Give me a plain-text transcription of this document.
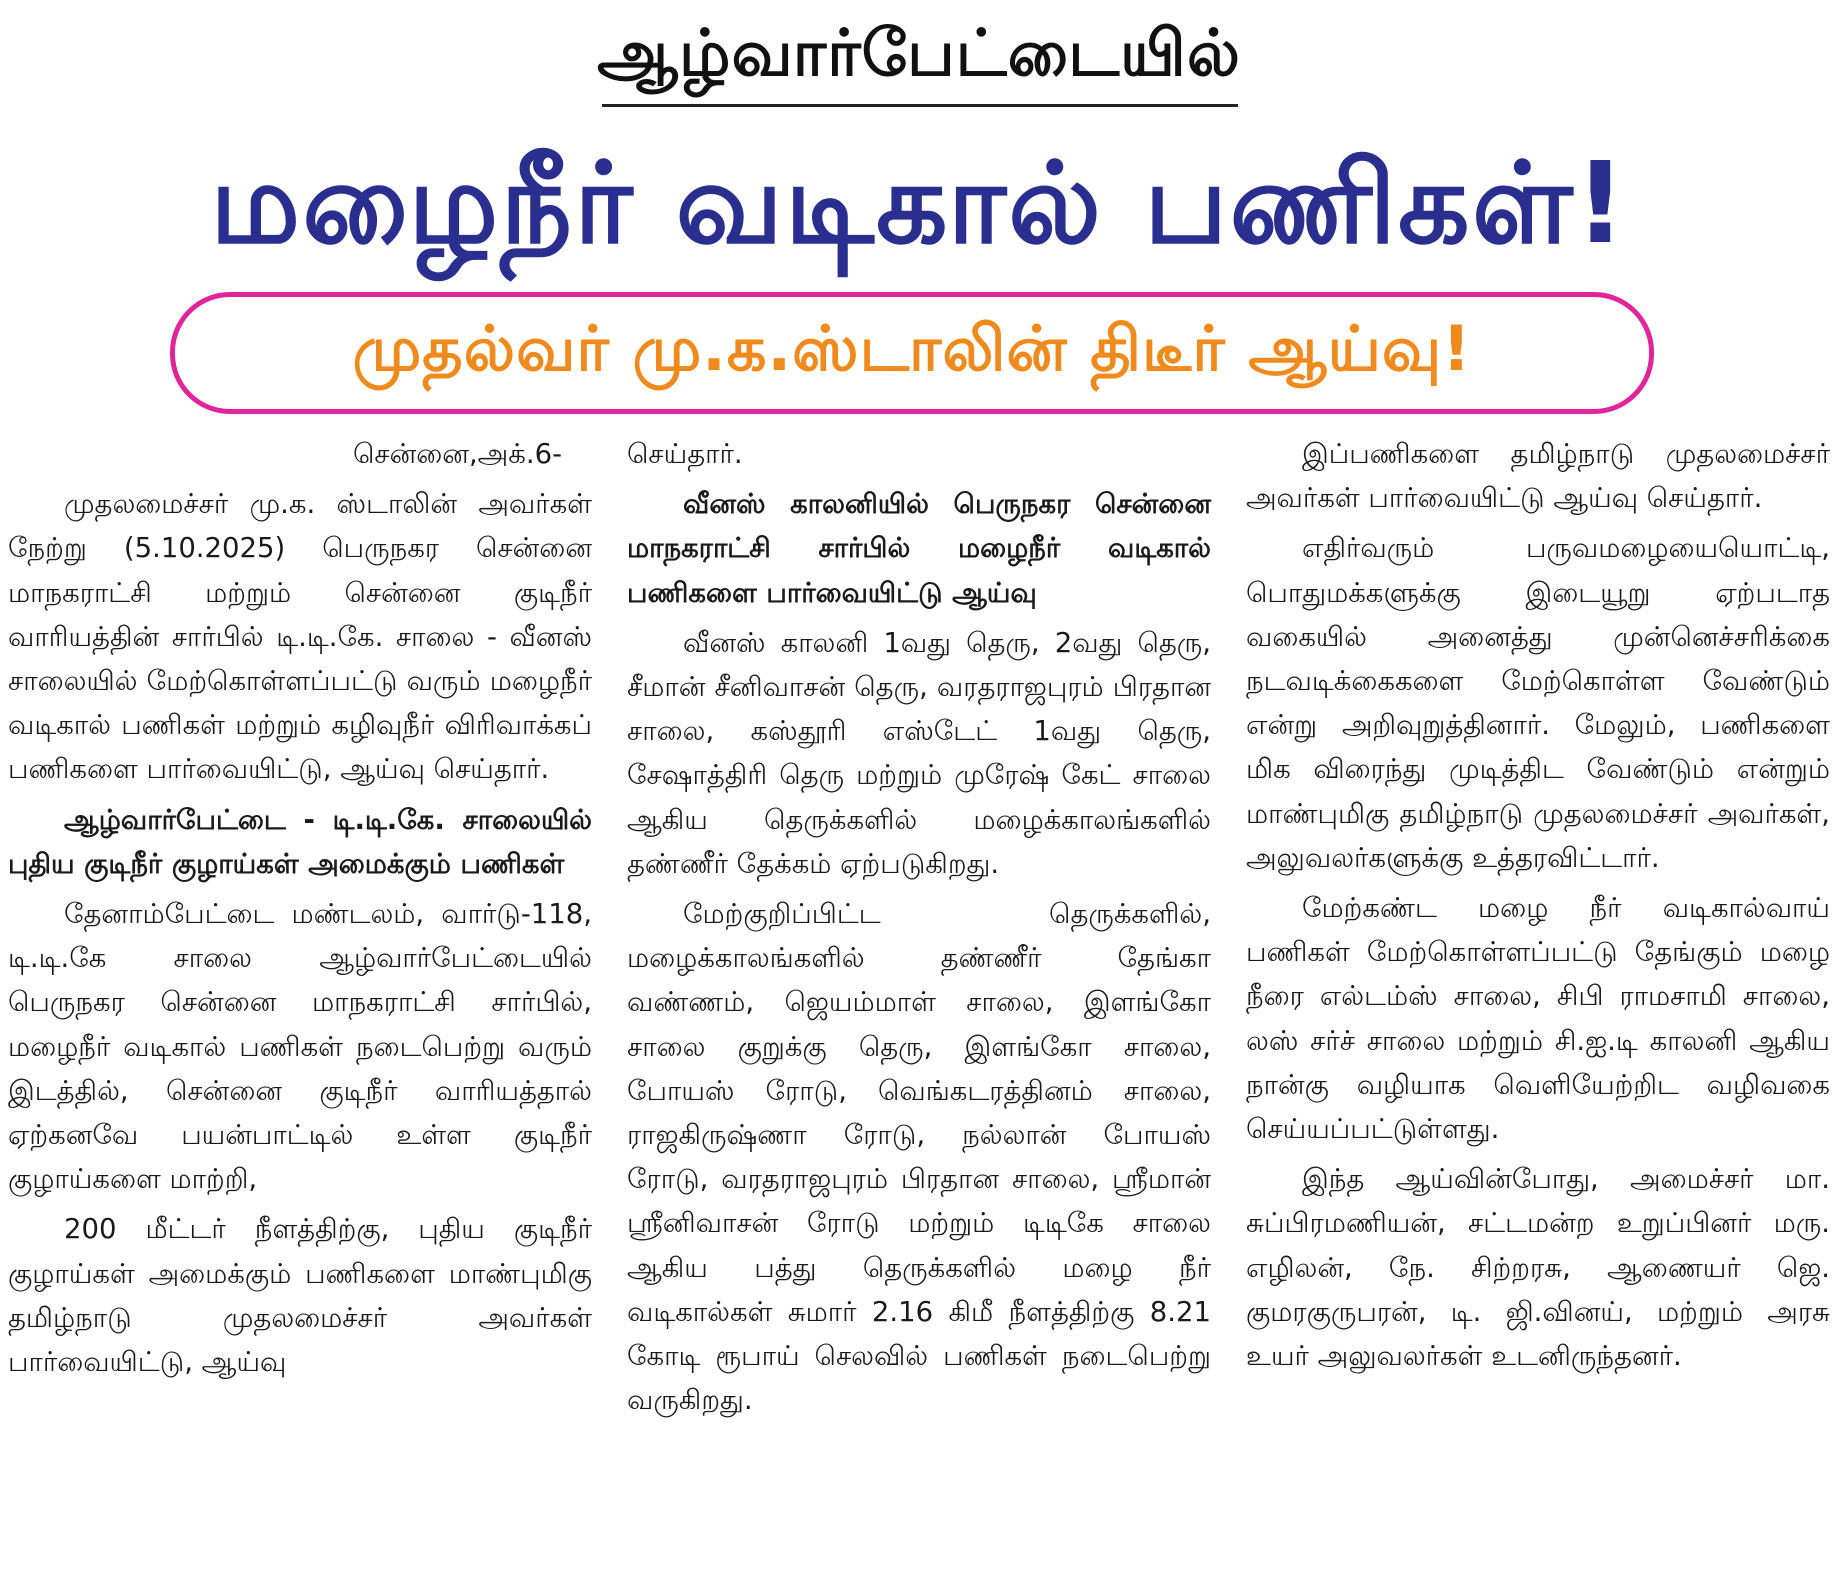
ஆழ்வார்பேட்டையில்
மழைநீர் வடிகால் பணிகள்!
முதல்வர் மு.க.ஸ்டாலின் திடீர் ஆய்வு!

சென்னை,அக்.6-

முதலமைச்சர் மு.க. ஸ்டாலின் அவர்கள் நேற்று (5.10.2025) பெருநகர சென்னை மாநகராட்சி மற்றும் சென்னை குடிநீர் வாரியத்தின் சார்பில் டி.டி.கே. சாலை - வீனஸ் சாலையில் மேற்கொள்ளப்பட்டு வரும் மழைநீர் வடிகால் பணிகள் மற்றும் கழிவுநீர் விரிவாக்கப் பணிகளை பார்வையிட்டு, ஆய்வு செய்தார்.

ஆழ்வார்பேட்டை - டி.டி.கே. சாலையில் புதிய குடிநீர் குழாய்கள் அமைக்கும் பணிகள்

தேனாம்பேட்டை மண்டலம், வார்டு-118, டி.டி.கே சாலை ஆழ்வார்பேட்டையில் பெருநகர சென்னை மாநகராட்சி சார்பில், மழைநீர் வடிகால் பணிகள் நடைபெற்று வரும் இடத்தில், சென்னை குடிநீர் வாரியத்தால் ஏற்கனவே பயன்பாட்டில் உள்ள குடிநீர் குழாய்களை மாற்றி,

200 மீட்டர் நீளத்திற்கு, புதிய குடிநீர் குழாய்கள் அமைக்கும் பணிகளை மாண்புமிகு தமிழ்நாடு முதலமைச்சர் அவர்கள் பார்வையிட்டு, ஆய்வு

செய்தார்.

வீனஸ் காலனியில் பெருநகர சென்னை மாநகராட்சி சார்பில் மழைநீர் வடிகால் பணிகளை பார்வையிட்டு ஆய்வு

வீனஸ் காலனி 1வது தெரு, 2வது தெரு, சீமான் சீனிவாசன் தெரு, வரதராஜபுரம் பிரதான சாலை, கஸ்தூரி எஸ்டேட் 1வது தெரு, சேஷாத்திரி தெரு மற்றும் முரேஷ் கேட் சாலை ஆகிய தெருக்களில் மழைக்காலங்களில் தண்ணீர் தேக்கம் ஏற்படுகிறது.

மேற்குறிப்பிட்ட தெருக்களில், மழைக்காலங்களில் தண்ணீர் தேங்கா வண்ணம், ஜெயம்மாள் சாலை, இளங்கோ சாலை குறுக்கு தெரு, இளங்கோ சாலை, போயஸ் ரோடு, வெங்கடரத்தினம் சாலை, ராஜகிருஷ்ணா ரோடு, நல்லான் போயஸ் ரோடு, வரதராஜபுரம் பிரதான சாலை, ஸ்ரீமான் ஸ்ரீனிவாசன் ரோடு மற்றும் டிடிகே சாலை ஆகிய பத்து தெருக்களில் மழை நீர் வடிகால்கள் சுமார் 2.16 கிமீ நீளத்திற்கு 8.21 கோடி ரூபாய் செலவில் பணிகள் நடைபெற்று வருகிறது.

இப்பணிகளை தமிழ்நாடு முதலமைச்சர் அவர்கள் பார்வையிட்டு ஆய்வு செய்தார்.

எதிர்வரும் பருவமழையையொட்டி, பொதுமக்களுக்கு இடையூறு ஏற்படாத வகையில் அனைத்து முன்னெச்சரிக்கை நடவடிக்கைகளை மேற்கொள்ள வேண்டும் என்று அறிவுறுத்தினார். மேலும், பணிகளை மிக விரைந்து முடித்திட வேண்டும் என்றும் மாண்புமிகு தமிழ்நாடு முதலமைச்சர் அவர்கள், அலுவலர்களுக்கு உத்தரவிட்டார்.

மேற்கண்ட மழை நீர் வடிகால்வாய் பணிகள் மேற்கொள்ளப்பட்டு தேங்கும் மழை நீரை எல்டம்ஸ் சாலை, சிபி ராமசாமி சாலை, லஸ் சர்ச் சாலை மற்றும் சி.ஐ.டி காலனி ஆகிய நான்கு வழியாக வெளியேற்றிட வழிவகை செய்யப்பட்டுள்ளது.

இந்த ஆய்வின்போது, அமைச்சர் மா. சுப்பிரமணியன், சட்டமன்ற உறுப்பினர் மரு. எழிலன், நே. சிற்றரசு, ஆணையர் ஜெ. குமரகுருபரன், டி. ஜி.வினய், மற்றும் அரசு உயர் அலுவலர்கள் உடனிருந்தனர்.
